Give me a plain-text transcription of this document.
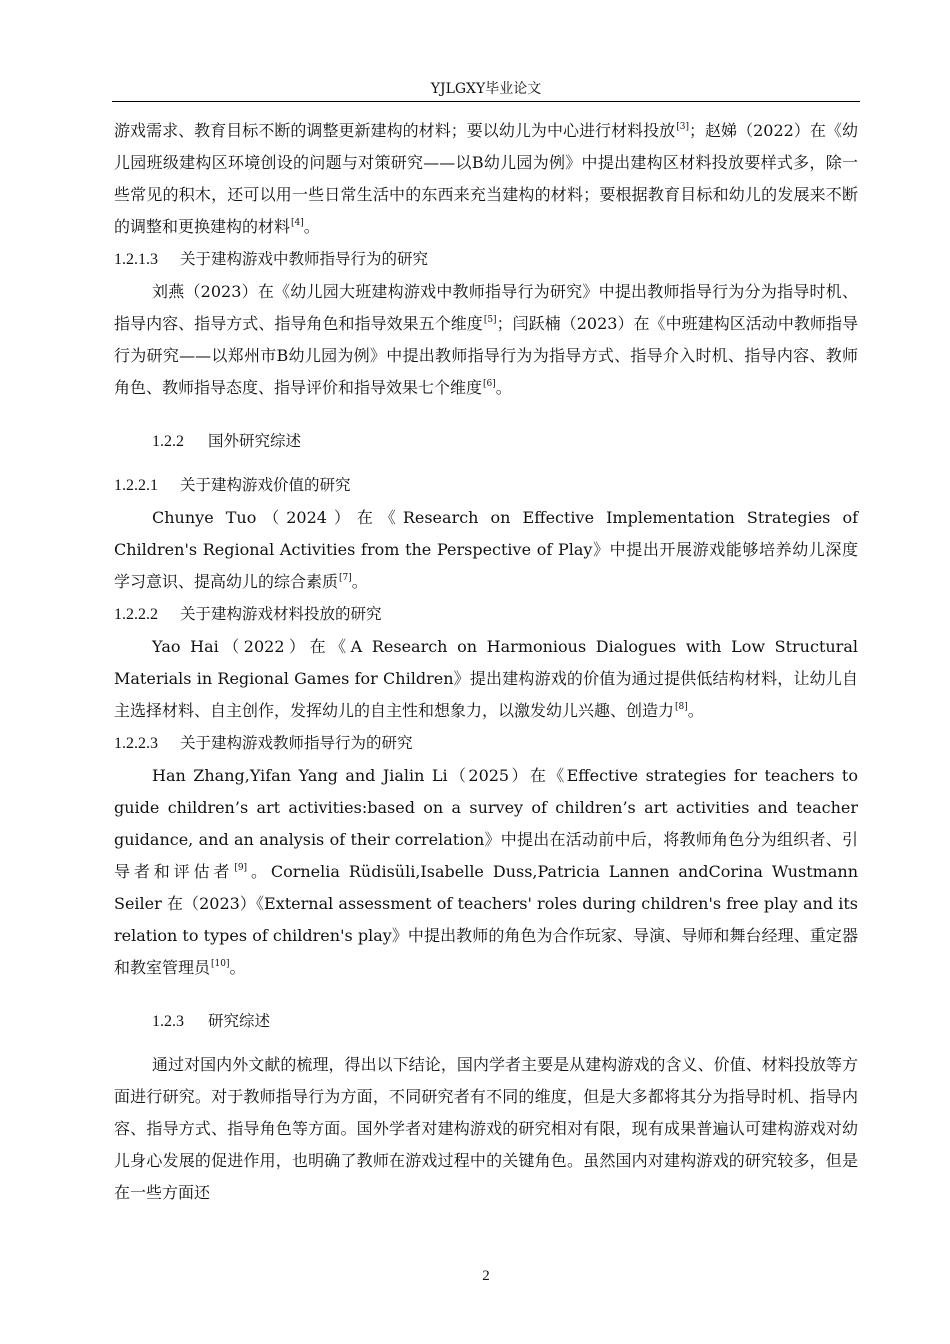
YJLGXY毕业论文

游戏需求、教育目标不断的调整更新建构的材料；要以幼儿为中心进行材料投放[3]；赵娣（2022）在《幼儿园班级建构区环境创设的问题与对策研究——以B幼儿园为例》中提出建构区材料投放要样式多，除一些常见的积木，还可以用一些日常生活中的东西来充当建构的材料；要根据教育目标和幼儿的发展来不断的调整和更换建构的材料[4]。

1.2.1.3 关于建构游戏中教师指导行为的研究

刘燕（2023）在《幼儿园大班建构游戏中教师指导行为研究》中提出教师指导行为分为指导时机、指导内容、指导方式、指导角色和指导效果五个维度[5]；闫跃楠（2023）在《中班建构区活动中教师指导行为研究——以郑州市B幼儿园为例》中提出教师指导行为为指导方式、指导介入时机、指导内容、教师角色、教师指导态度、指导评价和指导效果七个维度[6]。

1.2.2 国外研究综述
1.2.2.1 关于建构游戏价值的研究

Chunye Tuo（2024）在《Research on Effective Implementation Strategies of Children's Regional Activities from the Perspective of Play》中提出开展游戏能够培养幼儿深度学习意识、提高幼儿的综合素质[7]。

1.2.2.2 关于建构游戏材料投放的研究

Yao Hai（2022）在《A Research on Harmonious Dialogues with Low Structural Materials in Regional Games for Children》提出建构游戏的价值为通过提供低结构材料，让幼儿自主选择材料、自主创作，发挥幼儿的自主性和想象力，以激发幼儿兴趣、创造力[8]。

1.2.2.3 关于建构游戏教师指导行为的研究

Han Zhang,Yifan Yang and Jialin Li（2025）在《Effective strategies for teachers to guide children’s art activities:based on a survey of children’s art activities and teacher guidance, and an analysis of their correlation》中提出在活动前中后，将教师角色分为组织者、引导者和评估者[9]。Cornelia Rüdisüli,Isabelle Duss,Patricia Lannen andCorina Wustmann Seiler 在（2023）《External assessment of teachers' roles during children's free play and its relation to types of children's play》中提出教师的角色为合作玩家、导演、导师和舞台经理、重定器和教室管理员[10]。

1.2.3 研究综述

通过对国内外文献的梳理，得出以下结论，国内学者主要是从建构游戏的含义、价值、材料投放等方面进行研究。对于教师指导行为方面，不同研究者有不同的维度，但是大多都将其分为指导时机、指导内容、指导方式、指导角色等方面。国外学者对建构游戏的研究相对有限，现有成果普遍认可建构游戏对幼儿身心发展的促进作用，也明确了教师在游戏过程中的关键角色。虽然国内对建构游戏的研究较多，但是在一些方面还

2
